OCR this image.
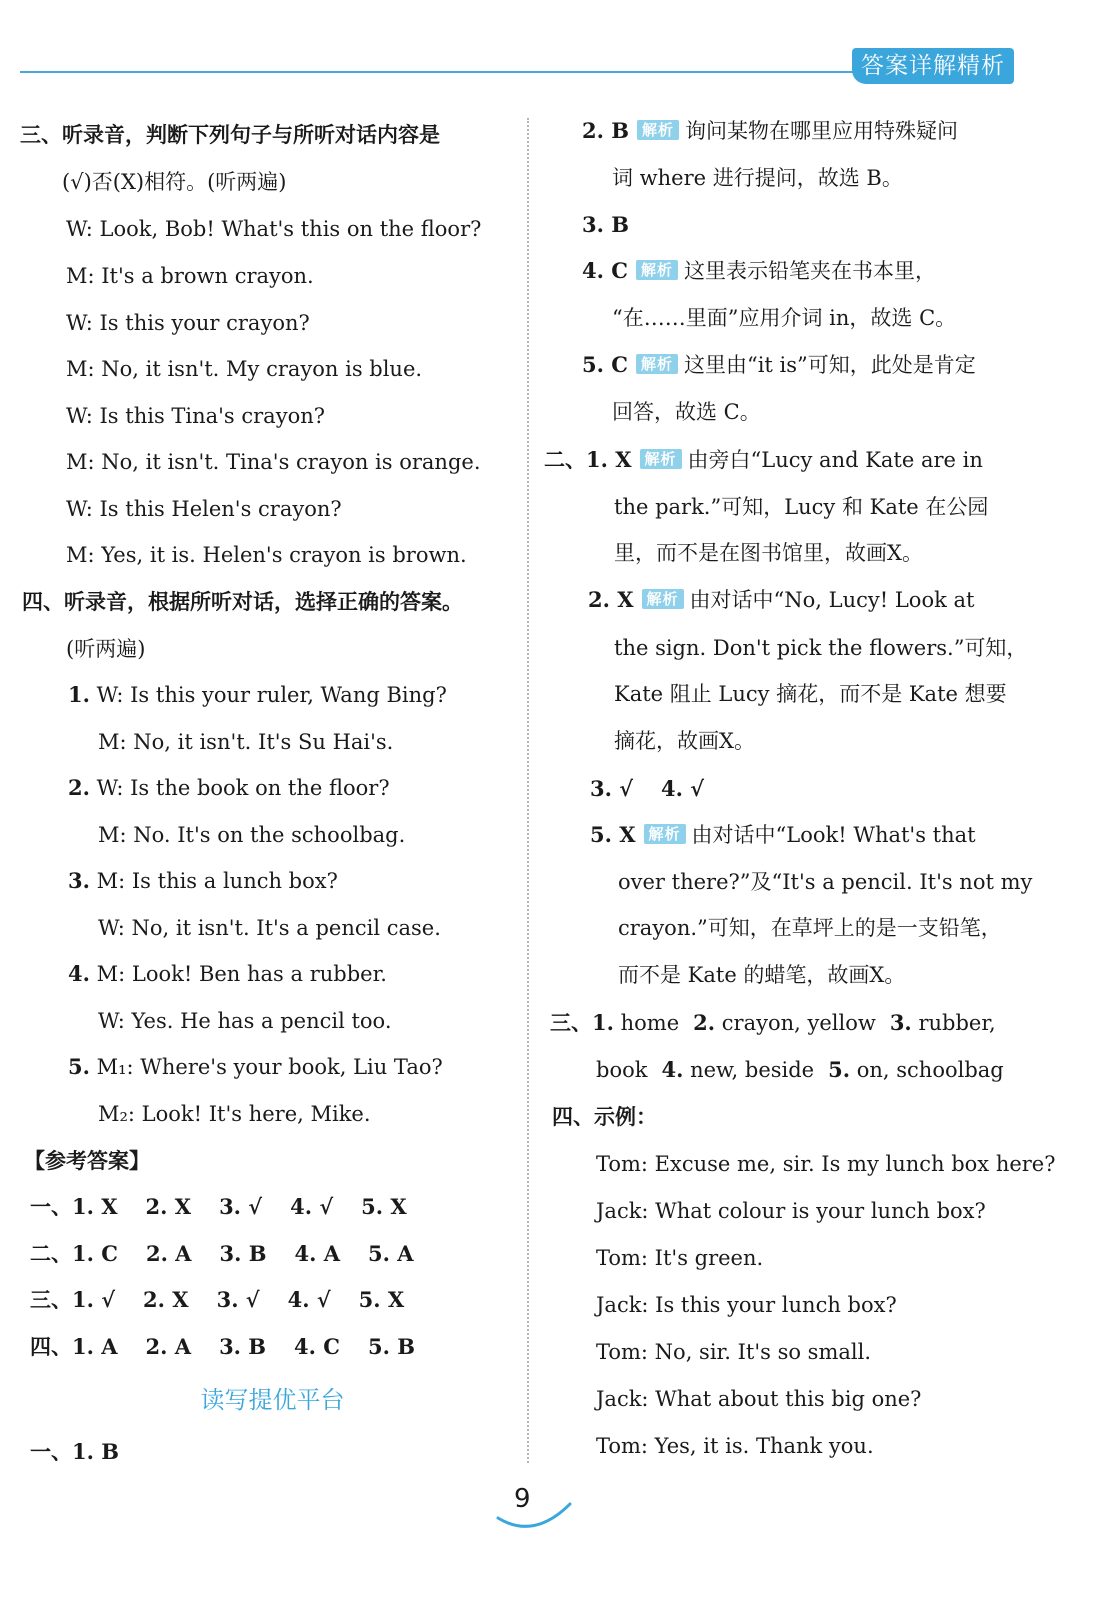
答案详解精析
三、听录音，判断下列句子与所听对话内容是
(√)否(X)相符。(听两遍)
W: Look, Bob! What's this on the floor?
M: It's a brown crayon.
W: Is this your crayon?
M: No, it isn't. My crayon is blue.
W: Is this Tina's crayon?
M: No, it isn't. Tina's crayon is orange.
W: Is this Helen's crayon?
M: Yes, it is. Helen's crayon is brown.
四、听录音，根据所听对话，选择正确的答案。
(听两遍)
1. W: Is this your ruler, Wang Bing?
M: No, it isn't. It's Su Hai's.
2. W: Is the book on the floor?
M: No. It's on the schoolbag.
3. M: Is this a lunch box?
W: No, it isn't. It's a pencil case.
4. M: Look! Ben has a rubber.
W: Yes. He has a pencil too.
5. M₁: Where's your book, Liu Tao?
M₂: Look! It's here, Mike.
【参考答案】
一、1. X 2. X 3. √ 4. √ 5. X
二、1. C 2. A 3. B 4. A 5. A
三、1. √ 2. X 3. √ 4. √ 5. X
四、1. A 2. A 3. B 4. C 5. B
读写提优平台
一、1. B
2. B 解析 询问某物在哪里应用特殊疑问
词 where 进行提问，故选 B。
3. B
4. C 解析 这里表示铅笔夹在书本里，
“在……里面”应用介词 in，故选 C。
5. C 解析 这里由“it is”可知，此处是肯定
回答，故选 C。
二、1. X 解析 由旁白“Lucy and Kate are in
the park.”可知，Lucy 和 Kate 在公园
里，而不是在图书馆里，故画X。
2. X 解析 由对话中“No, Lucy! Look at
the sign. Don't pick the flowers.”可知，
Kate 阻止 Lucy 摘花，而不是 Kate 想要
摘花，故画X。
3. √ 4. √
5. X 解析 由对话中“Look! What's that
over there?”及“It's a pencil. It's not my
crayon.”可知，在草坪上的是一支铅笔，
而不是 Kate 的蜡笔，故画X。
三、1. home 2. crayon, yellow 3. rubber,
book 4. new, beside 5. on, schoolbag
四、示例：
Tom: Excuse me, sir. Is my lunch box here?
Jack: What colour is your lunch box?
Tom: It's green.
Jack: Is this your lunch box?
Tom: No, sir. It's so small.
Jack: What about this big one?
Tom: Yes, it is. Thank you.
9
